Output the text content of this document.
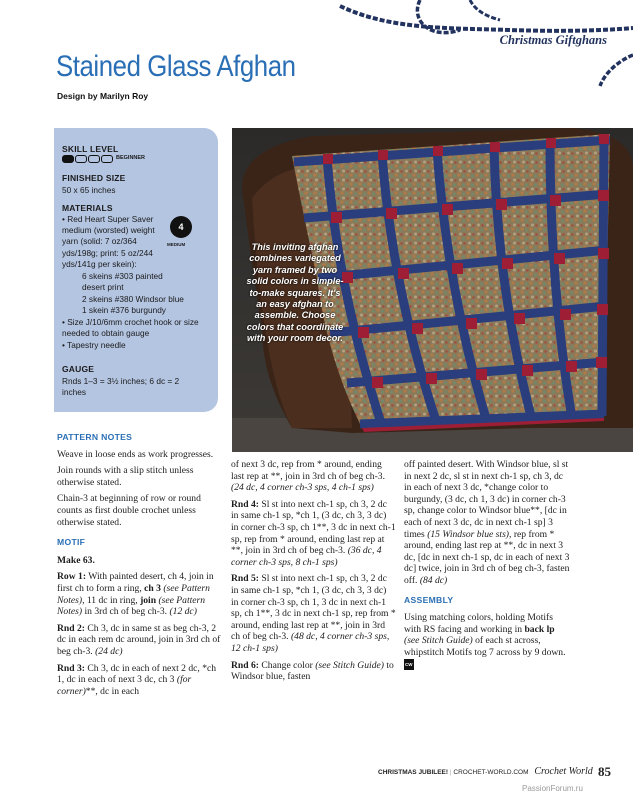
Christmas Giftghans
Stained Glass Afghan
Design by Marilyn Roy
SKILL LEVEL
BEGINNER
FINISHED SIZE
50 x 65 inches
MATERIALS
• Red Heart Super Saver medium (worsted) weight yarn (solid: 7 oz/364 yds/198g; print: 5 oz/244 yds/141g per skein):
4
MEDIUM
6 skeins #303 painted desert print
2 skeins #380 Windsor blue
1 skein #376 burgundy
• Size J/10/6mm crochet hook or size needed to obtain gauge
• Tapestry needle
GAUGE
Rnds 1–3 = 3½ inches; 6 dc = 2 inches
This inviting afghan combines variegated yarn framed by two solid colors in simple-to-make squares. It's an easy afghan to assemble. Choose colors that coordinate with your room decor.
PATTERN NOTES

Weave in loose ends as work progresses.

Join rounds with a slip stitch unless otherwise stated.

Chain-3 at beginning of row or round counts as first double crochet unless otherwise stated.

MOTIF

Make 63.

Row 1: With painted desert, ch 4, join in first ch to form a ring, ch 3 (see Pattern Notes), 11 dc in ring, join (see Pattern Notes) in 3rd ch of beg ch-3. (12 dc)

Rnd 2: Ch 3, dc in same st as beg ch-3, 2 dc in each rem dc around, join in 3rd ch of beg ch-3. (24 dc)

Rnd 3: Ch 3, dc in each of next 2 dc, *ch 1, dc in each of next 3 dc, ch 3 (for corner)**, dc in each

of next 3 dc, rep from * around, ending last rep at **, join in 3rd ch of beg ch-3. (24 dc, 4 corner ch-3 sps, 4 ch-1 sps)

Rnd 4: Sl st into next ch-1 sp, ch 3, 2 dc in same ch-1 sp, *ch 1, (3 dc, ch 3, 3 dc) in corner ch-3 sp, ch 1**, 3 dc in next ch-1 sp, rep from * around, ending last rep at **, join in 3rd ch of beg ch-3. (36 dc, 4 corner ch-3 sps, 8 ch-1 sps)

Rnd 5: Sl st into next ch-1 sp, ch 3, 2 dc in same ch-1 sp, *ch 1, (3 dc, ch 3, 3 dc) in corner ch-3 sp, ch 1, 3 dc in next ch-1 sp, ch 1**, 3 dc in next ch-1 sp, rep from * around, ending last rep at **, join in 3rd ch of beg ch-3. (48 dc, 4 corner ch-3 sps, 12 ch-1 sps)

Rnd 6: Change color (see Stitch Guide) to Windsor blue, fasten

off painted desert. With Windsor blue, sl st in next 2 dc, sl st in next ch-1 sp, ch 3, dc in each of next 3 dc, *change color to burgundy, (3 dc, ch 1, 3 dc) in corner ch-3 sp, change color to Windsor blue**, [dc in each of next 3 dc, dc in next ch-1 sp] 3 times (15 Windsor blue sts), rep from * around, ending last rep at **, dc in next 3 dc, [dc in next ch-1 sp, dc in each of next 3 dc] twice, join in 3rd ch of beg ch-3, fasten off. (84 dc)

ASSEMBLY

Using matching colors, holding Motifs with RS facing and working in back lp (see Stitch Guide) of each st across, whipstitch Motifs tog 7 across by 9 down. CW

CHRISTMAS JUBILEE! | CROCHET-WORLD.COM Crochet World 85
PassionForum.ru
